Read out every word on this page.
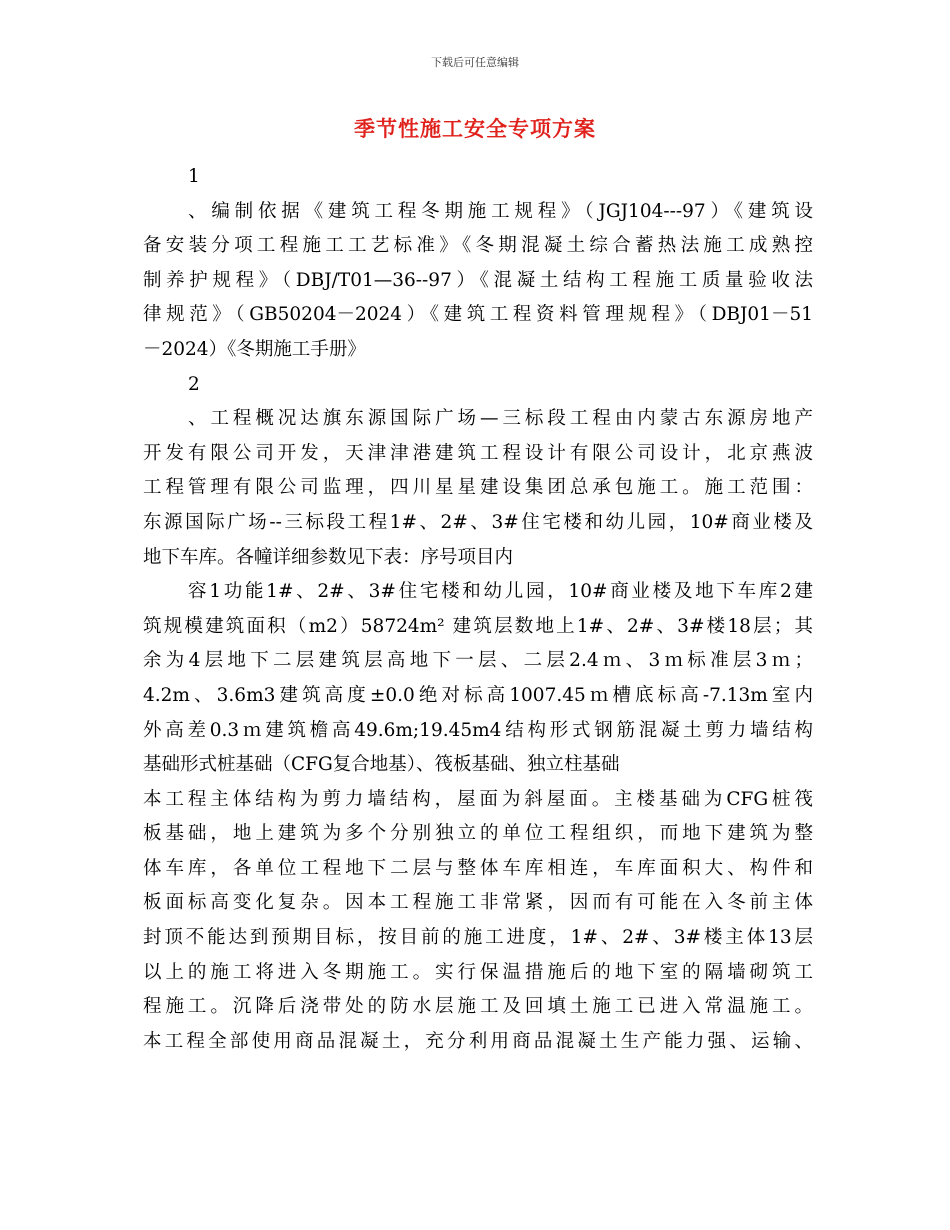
下载后可任意编辑
季节性施工安全专项方案
1
、编制依据《建筑工程冬期施工规程》（JGJ104---97）《建筑设
备安装分项工程施工工艺标准》《冬期混凝土综合蓄热法施工成熟控
制养护规程》（DBJ/T01—36--97）《混凝土结构工程施工质量验收法
律规范》（GB50204－2024）《建筑工程资料管理规程》（DBJ01－51
－2024）《冬期施工手册》
2
、工程概况达旗东源国际广场—三标段工程由内蒙古东源房地产
开发有限公司开发，天津津港建筑工程设计有限公司设计，北京燕波
工程管理有限公司监理，四川星星建设集团总承包施工。施工范围：
东源国际广场--三标段工程1#、2#、3#住宅楼和幼儿园，10#商业楼及
地下车库。各幢详细参数见下表：序号项目内
容1功能1#、2#、3#住宅楼和幼儿园，10#商业楼及地下车库2建
筑规模建筑面积（m2）58724m² 建筑层数地上1#、2#、3#楼18层；其
余为4层地下二层建筑层高地下一层、二层2.4ｍ、3ｍ标准层3ｍ；
4.2m、3.6m3建筑高度±0.0绝对标高1007.45ｍ槽底标高-7.13m室内
外高差0.3ｍ建筑檐高49.6m;19.45m4结构形式钢筋混凝土剪力墙结构
基础形式桩基础（CFG复合地基）、筏板基础、独立柱基础
本工程主体结构为剪力墙结构，屋面为斜屋面。主楼基础为CFG桩筏
板基础，地上建筑为多个分别独立的单位工程组织，而地下建筑为整
体车库，各单位工程地下二层与整体车库相连，车库面积大、构件和
板面标高变化复杂。因本工程施工非常紧，因而有可能在入冬前主体
封顶不能达到预期目标，按目前的施工进度，1#、2#、3#楼主体13层
以上的施工将进入冬期施工。实行保温措施后的地下室的隔墙砌筑工
程施工。沉降后浇带处的防水层施工及回填土施工已进入常温施工。
本工程全部使用商品混凝土，充分利用商品混凝土生产能力强、运输、
